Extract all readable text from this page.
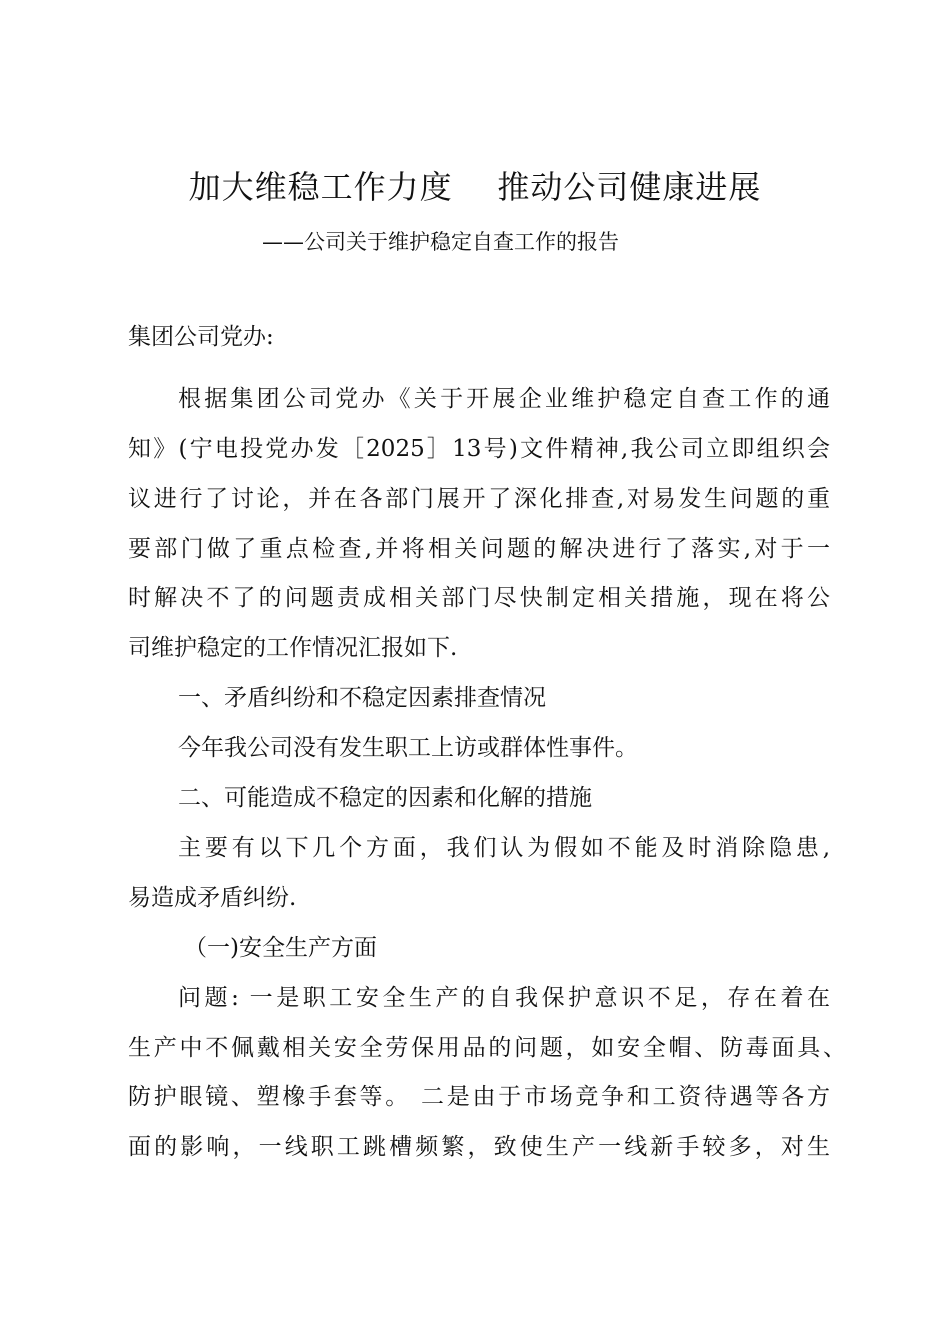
加大维稳工作力度    推动公司健康进展
——公司关于维护稳定自查工作的报告
集团公司党办:
根据集团公司党办《关于开展企业维护稳定自查工作的通
知》(宁电投党办发［2025］13号)文件精神,我公司立即组织会
议进行了讨论，并在各部门展开了深化排查,对易发生问题的重
要部门做了重点检查,并将相关问题的解决进行了落实,对于一
时解决不了的问题责成相关部门尽快制定相关措施，现在将公
司维护稳定的工作情况汇报如下.
一、矛盾纠纷和不稳定因素排查情况
今年我公司没有发生职工上访或群体性事件。
二、可能造成不稳定的因素和化解的措施
主要有以下几个方面，我们认为假如不能及时消除隐患,
易造成矛盾纠纷.
（一)安全生产方面
问题: 一是职工安全生产的自我保护意识不足，存在着在
生产中不佩戴相关安全劳保用品的问题，如安全帽、防毒面具、
防护眼镜、塑橡手套等。 二是由于市场竞争和工资待遇等各方
面的影响，一线职工跳槽频繁，致使生产一线新手较多，对生
